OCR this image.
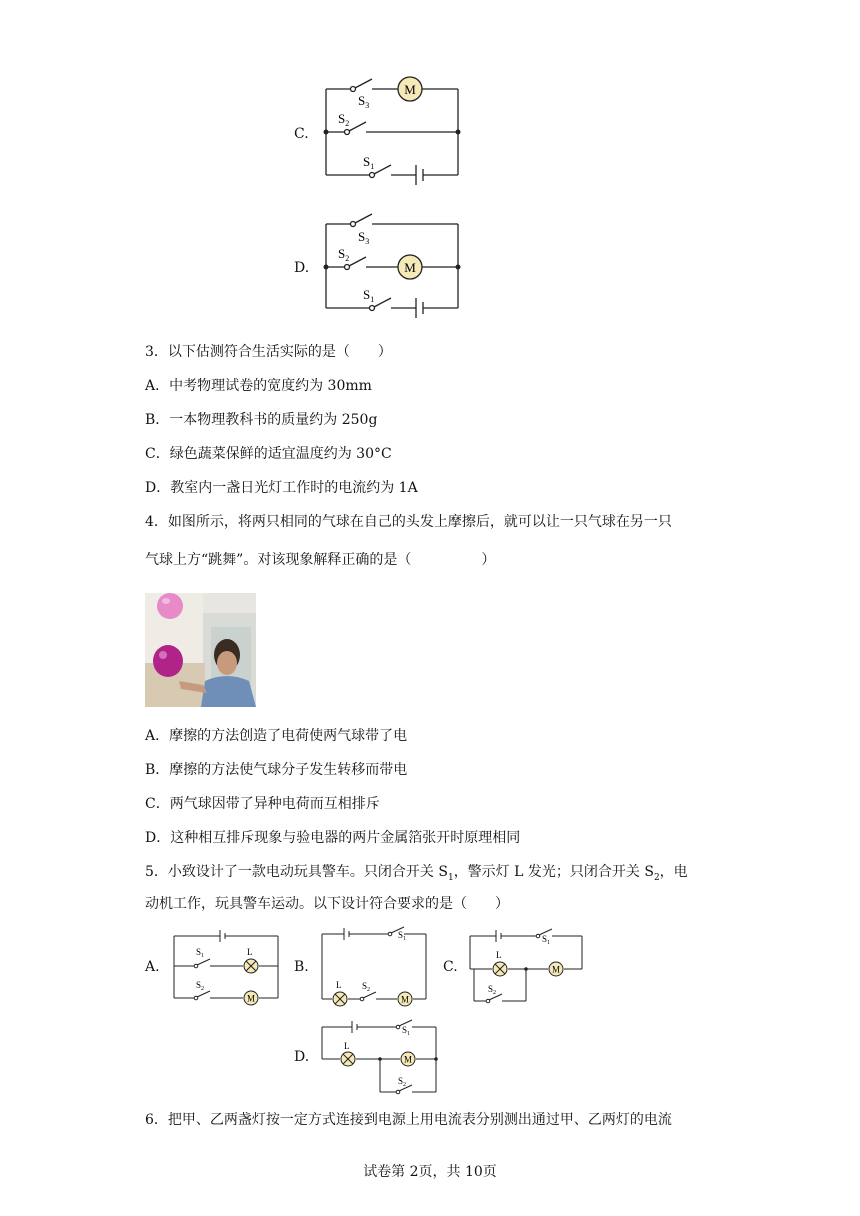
C.
M
$S_3$
$S_2$
$S_1$
D.	M
$S_3$
$S_2$
$S_1$
3．以下估测符合生活实际的是（　　）
A．中考物理试卷的宽度约为 30mm
B．一本物理教科书的质量约为 250g
C．绿色蔬菜保鲜的适宜温度约为 30°C
D．教室内一盏日光灯工作时的电流约为 1A
4．如图所示，将两只相同的气球在自己的头发上摩擦后，就可以让一只气球在另一只
气球上方“跳舞”。对该现象解释正确的是（　　　　　）
A．摩擦的方法创造了电荷使两气球带了电
B．摩擦的方法使气球分子发生转移而带电
C．两气球因带了异种电荷而互相排斥
D．这种相互排斥现象与验电器的两片金属箔张开时原理相同
5．小致设计了一款电动玩具警车。只闭合开关 $S_1$，警示灯 L 发光；只闭合开关 $S_2$，电
动机工作，玩具警车运动。以下设计符合要求的是（　　）
A.
M
$S_1$	L
$S_2$
B.
M
$S_1$
L $S_2$
C.	M
$S_1$
L
$S_2$
D.	M
$S_1$
L
$S_2$
6．把甲、乙两盏灯按一定方式连接到电源上用电流表分别测出通过甲、乙两灯的电流
试卷第 2页，共 10页
